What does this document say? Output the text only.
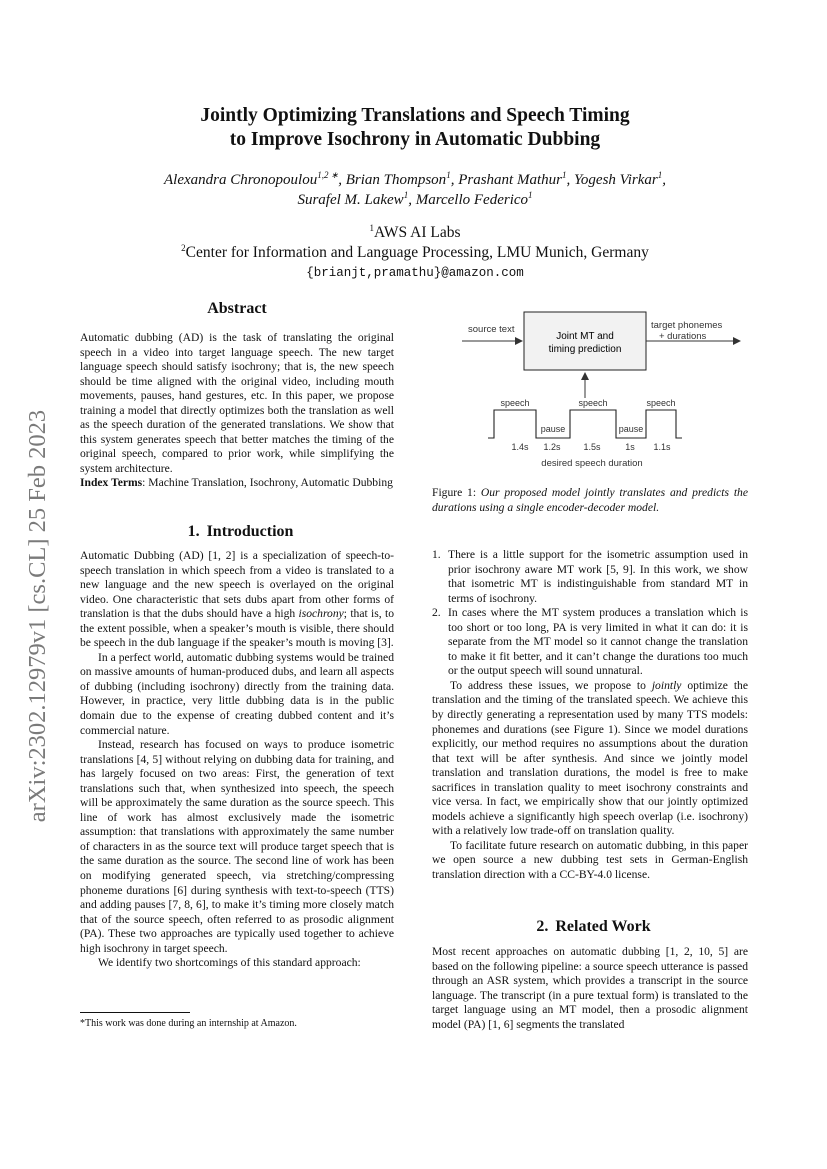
arXiv:2302.12979v1 [cs.CL] 25 Feb 2023
Jointly Optimizing Translations and Speech Timing
to Improve Isochrony in Automatic Dubbing
Alexandra Chronopoulou$^{1,2 ∗}$, Brian Thompson$^1$, Prashant Mathur$^1$, Yogesh Virkar$^1$,
Surafel M. Lakew$^1$, Marcello Federico$^1$
$^1$AWS AI Labs
$^2$Center for Information and Language Processing, LMU Munich, Germany
{brianjt,pramathu}@amazon.com
Abstract

Automatic dubbing (AD) is the task of translating the original speech in a video into target language speech. The new target language speech should satisfy isochrony; that is, the new speech should be time aligned with the original video, including mouth movements, pauses, hand gestures, etc. In this paper, we propose training a model that directly optimizes both the translation as well as the speech duration of the generated translations. We show that this system generates speech that better matches the timing of the original speech, compared to prior work, while simplifying the system architecture.

Index Terms: Machine Translation, Isochrony, Automatic Dubbing

1. Introduction

Automatic Dubbing (AD) [1, 2] is a specialization of speech-to-speech translation in which speech from a video is translated to a new language and the new speech is overlayed on the original video. One characteristic that sets dubs apart from other forms of translation is that the dubs should have a high isochrony; that is, to the extent possible, when a speaker’s mouth is visible, there should be speech in the dub language if the speaker’s mouth is moving [3].

In a perfect world, automatic dubbing systems would be trained on massive amounts of human-produced dubs, and learn all aspects of dubbing (including isochrony) directly from the training data. However, in practice, very little dubbing data is in the public domain due to the expense of creating dubbed content and it’s commercial nature.

Instead, research has focused on ways to produce isometric translations [4, 5] without relying on dubbing data for training, and has largely focused on two areas: First, the generation of text translations such that, when synthesized into speech, the speech will be approximately the same duration as the source speech. This line of work has almost exclusively made the isometric assumption: that translations with approximately the same number of characters in as the source text will produce target speech that is the same duration as the source. The second line of work has been on modifying generated speech, via stretching/compressing phoneme durations [6] during synthesis with text-to-speech (TTS) and adding pauses [7, 8, 6], to make it’s timing more closely match that of the source speech, often referred to as prosodic alignment (PA). These two approaches are typically used together to achieve high isochrony in target speech.

We identify two shortcomings of this standard approach:

*This work was done during an internship at Amazon.
Joint MT and
timing prediction
source text	target phonemes
+ durations
speech	speech	speech
pause	pause
1.4s 1.2s	1.5s	1s 1.1s
desired speech duration
Figure 1: Our proposed model jointly translates and predicts the durations using a single encoder-decoder model.
1. There is a little support for the isometric assumption used in prior isochrony aware MT work [5, 9]. In this work, we show that isometric MT is indistinguishable from standard MT in terms of isochrony.
2. In cases where the MT system produces a translation which is too short or too long, PA is very limited in what it can do: it is separate from the MT model so it cannot change the translation to make it fit better, and it can’t change the durations too much or the output speech will sound unnatural.

To address these issues, we propose to jointly optimize the translation and the timing of the translated speech. We achieve this by directly generating a representation used by many TTS models: phonemes and durations (see Figure 1). Since we model durations explicitly, our method requires no assumptions about the duration that text will be after synthesis. And since we jointly model translation and translation durations, the model is free to make sacrifices in translation quality to meet isochrony constraints and vice versa. In fact, we empirically show that our jointly optimized models achieve a significantly high speech overlap (i.e. isochrony) with a relatively low trade-off on translation quality.

To facilitate future research on automatic dubbing, in this paper we open source a new dubbing test sets in German-English translation direction with a CC-BY-4.0 license.

2. Related Work

Most recent approaches on automatic dubbing [1, 2, 10, 5] are based on the following pipeline: a source speech utterance is passed through an ASR system, which provides a transcript in the source language. The transcript (in a pure textual form) is translated to the target language using an MT model, then a prosodic alignment model (PA) [1, 6] segments the translated
